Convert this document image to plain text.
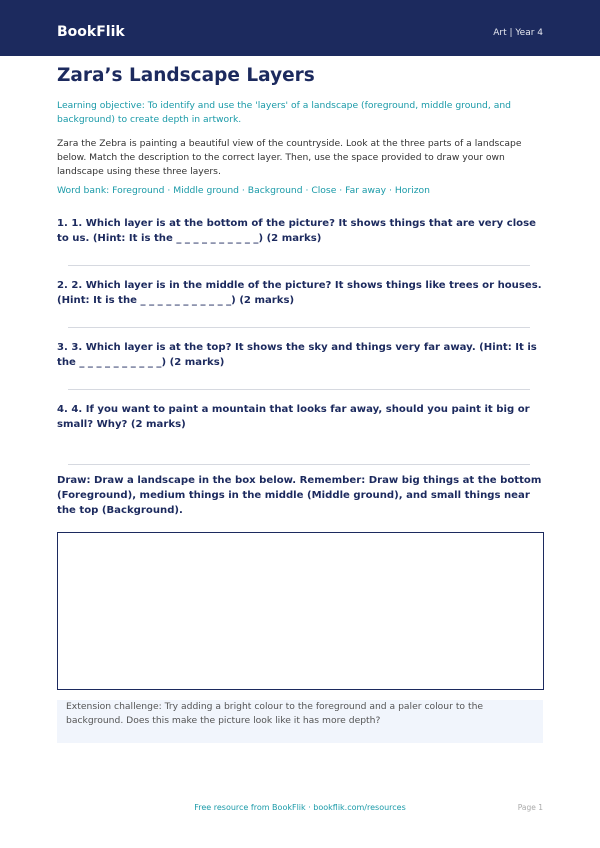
BookFlik	Art | Year 4
Zara’s Landscape Layers
Learning objective: To identify and use the 'layers' of a landscape (foreground, middle ground, and background) to create depth in artwork.
Zara the Zebra is painting a beautiful view of the countryside. Look at the three parts of a landscape below. Match the description to the correct layer. Then, use the space provided to draw your own landscape using these three layers.
Word bank: Foreground · Middle ground · Background · Close · Far away · Horizon
1. 1. Which layer is at the bottom of the picture? It shows things that are very close to us. (Hint: It is the _ _ _ _ _ _ _ _ _ _) (2 marks)
2. 2. Which layer is in the middle of the picture? It shows things like trees or houses. (Hint: It is the _ _ _ _ _ _ _ _ _ _ _) (2 marks)
3. 3. Which layer is at the top? It shows the sky and things very far away. (Hint: It is the _ _ _ _ _ _ _ _ _ _) (2 marks)
4. 4. If you want to paint a mountain that looks far away, should you paint it big or small? Why? (2 marks)
Draw: Draw a landscape in the box below. Remember: Draw big things at the bottom (Foreground), medium things in the middle (Middle ground), and small things near the top (Background).
Extension challenge: Try adding a bright colour to the foreground and a paler colour to the background. Does this make the picture look like it has more depth?
Free resource from BookFlik · bookflik.com/resources	Page 1
